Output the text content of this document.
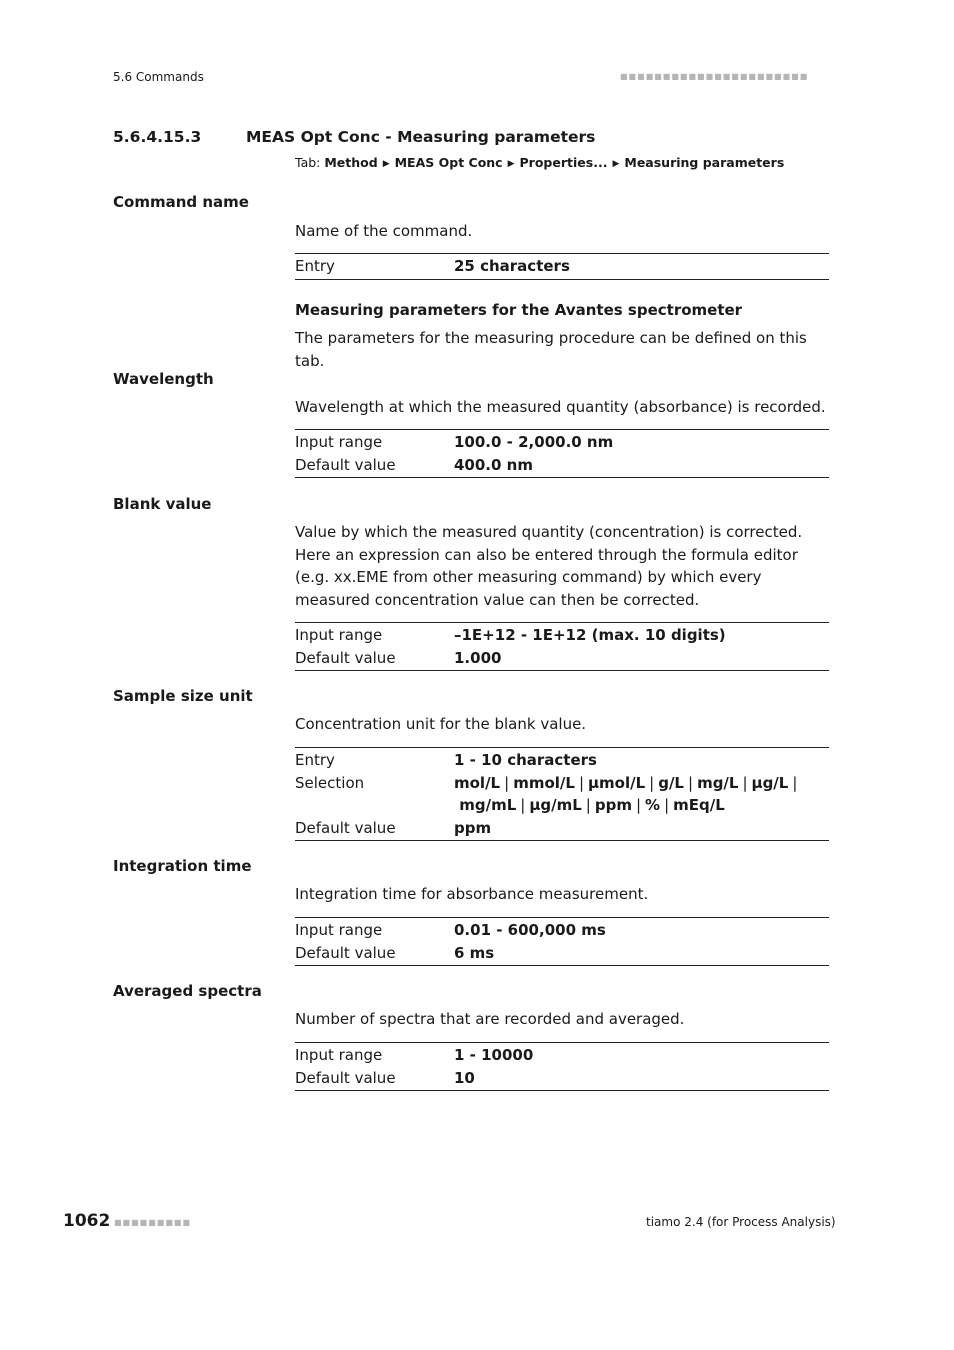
5.6 Commands	■■■■■■■■■■■■■■■■■■■■■■
5.6.4.15.3	MEAS Opt Conc - Measuring parameters
Tab: Method ▶ MEAS Opt Conc ▶ Properties... ▶ Measuring parameters
Command name
Name of the command.
Entry	25 characters
Measuring parameters for the Avantes spectrometer
The parameters for the measuring procedure can be defined on this tab.
Wavelength
Wavelength at which the measured quantity (absorbance) is recorded.
Input range	100.0 - 2,000.0 nm
Default value	400.0 nm
Blank value
Value by which the measured quantity (concentration) is corrected. Here an expression can also be entered through the formula editor (e.g. xx.EME from other measuring command) by which every measured concentration value can then be corrected.
Input range	–1E+12 - 1E+12 (max. 10 digits)
Default value	1.000
Sample size unit
Concentration unit for the blank value.
Entry	1 - 10 characters
Selection	mol/L | mmol/L | µmol/L | g/L | mg/L | µg/L |
mg/mL | µg/mL | ppm | % | mEq/L
Default value	ppm
Integration time
Integration time for absorbance measurement.
Input range	0.01 - 600,000 ms
Default value	6 ms
Averaged spectra
Number of spectra that are recorded and averaged.
Input range	1 - 10000
Default value	10
1062 ■■■■■■■■■	tiamo 2.4 (for Process Analysis)
